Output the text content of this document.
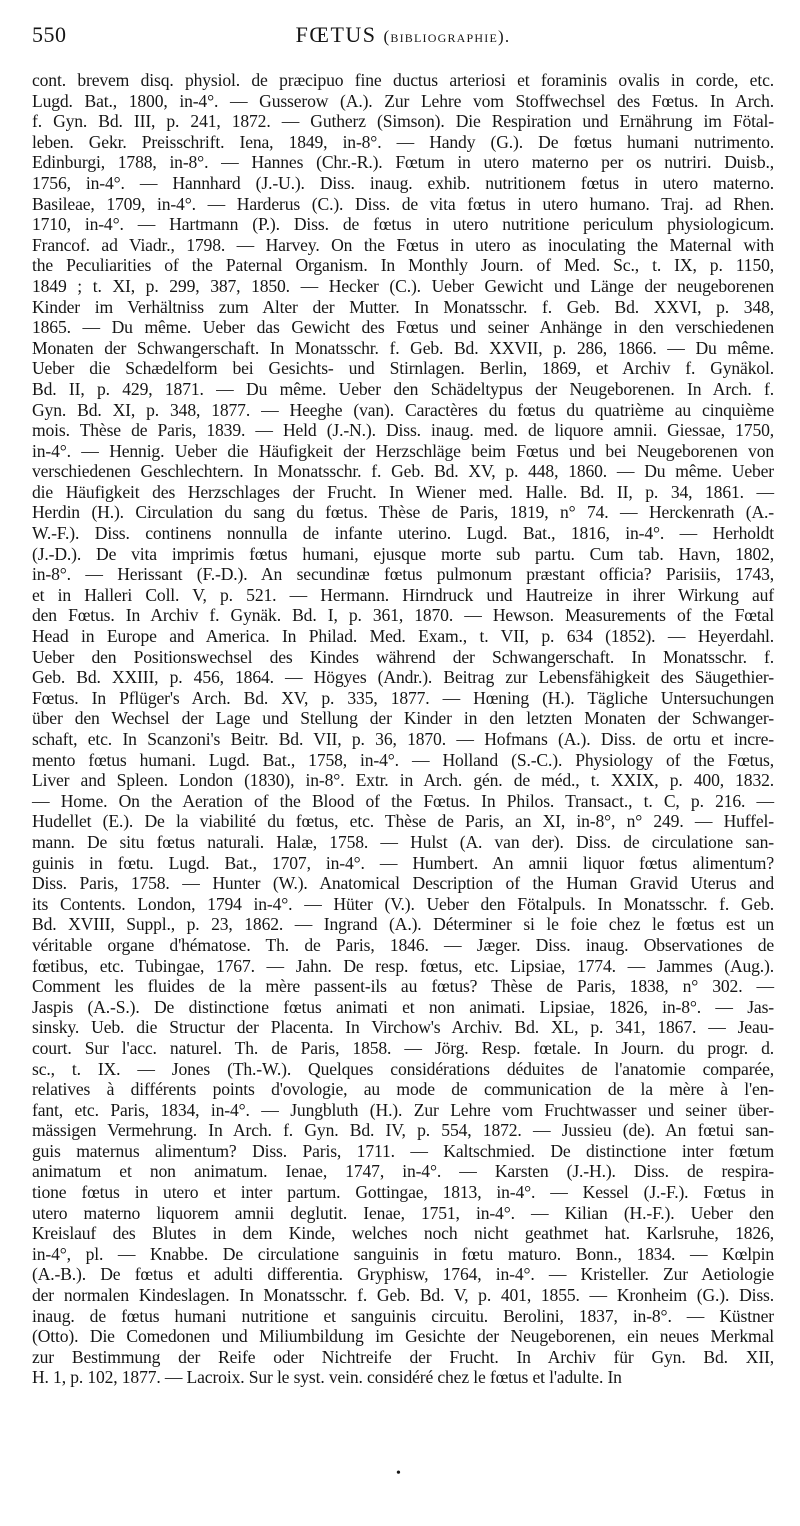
550	FŒTUS (bibliographie).
cont. brevem disq. physiol. de præcipuo fine ductus arteriosi et foraminis ovalis in corde, etc.
Lugd. Bat., 1800, in-4°. — Gusserow (A.). Zur Lehre vom Stoffwechsel des Fœtus. In Arch.
f. Gyn. Bd. III, p. 241, 1872. — Gutherz (Simson). Die Respiration und Ernährung im Fötal-
leben. Gekr. Preisschrift. Iena, 1849, in-8°. — Handy (G.). De fœtus humani nutrimento.
Edinburgi, 1788, in-8°. — Hannes (Chr.-R.). Fœtum in utero materno per os nutriri. Duisb.,
1756, in-4°. — Hannhard (J.-U.). Diss. inaug. exhib. nutritionem fœtus in utero materno.
Basileae, 1709, in-4°. — Harderus (C.). Diss. de vita fœtus in utero humano. Traj. ad Rhen.
1710, in-4°. — Hartmann (P.). Diss. de fœtus in utero nutritione periculum physiologicum.
Francof. ad Viadr., 1798. — Harvey. On the Fœtus in utero as inoculating the Maternal with
the Peculiarities of the Paternal Organism. In Monthly Journ. of Med. Sc., t. IX, p. 1150,
1849 ; t. XI, p. 299, 387, 1850. — Hecker (C.). Ueber Gewicht und Länge der neugeborenen
Kinder im Verhältniss zum Alter der Mutter. In Monatsschr. f. Geb. Bd. XXVI, p. 348,
1865. — Du même. Ueber das Gewicht des Fœtus und seiner Anhänge in den verschiedenen
Monaten der Schwangerschaft. In Monatsschr. f. Geb. Bd. XXVII, p. 286, 1866. — Du même.
Ueber die Schædelform bei Gesichts- und Stirnlagen. Berlin, 1869, et Archiv f. Gynäkol.
Bd. II, p. 429, 1871. — Du même. Ueber den Schädeltypus der Neugeborenen. In Arch. f.
Gyn. Bd. XI, p. 348, 1877. — Heeghe (van). Caractères du fœtus du quatrième au cinquième
mois. Thèse de Paris, 1839. — Held (J.-N.). Diss. inaug. med. de liquore amnii. Giessae, 1750,
in-4°. — Hennig. Ueber die Häufigkeit der Herzschläge beim Fœtus und bei Neugeborenen von
verschiedenen Geschlechtern. In Monatsschr. f. Geb. Bd. XV, p. 448, 1860. — Du même. Ueber
die Häufigkeit des Herzschlages der Frucht. In Wiener med. Halle. Bd. II, p. 34, 1861. —
Herdin (H.). Circulation du sang du fœtus. Thèse de Paris, 1819, n° 74. — Herckenrath (A.-
W.-F.). Diss. continens nonnulla de infante uterino. Lugd. Bat., 1816, in-4°. — Herholdt
(J.-D.). De vita imprimis fœtus humani, ejusque morte sub partu. Cum tab. Havn, 1802,
in-8°. — Herissant (F.-D.). An secundinæ fœtus pulmonum præstant officia? Parisiis, 1743,
et in Halleri Coll. V, p. 521. — Hermann. Hirndruck und Hautreize in ihrer Wirkung auf
den Fœtus. In Archiv f. Gynäk. Bd. I, p. 361, 1870. — Hewson. Measurements of the Fœtal
Head in Europe and America. In Philad. Med. Exam., t. VII, p. 634 (1852). — Heyerdahl.
Ueber den Positionswechsel des Kindes während der Schwangerschaft. In Monatsschr. f.
Geb. Bd. XXIII, p. 456, 1864. — Högyes (Andr.). Beitrag zur Lebensfähigkeit des Säugethier-
Fœtus. In Pflüger's Arch. Bd. XV, p. 335, 1877. — Hœning (H.). Tägliche Untersuchungen
über den Wechsel der Lage und Stellung der Kinder in den letzten Monaten der Schwanger-
schaft, etc. In Scanzoni's Beitr. Bd. VII, p. 36, 1870. — Hofmans (A.). Diss. de ortu et incre-
mento fœtus humani. Lugd. Bat., 1758, in-4°. — Holland (S.-C.). Physiology of the Fœtus,
Liver and Spleen. London (1830), in-8°. Extr. in Arch. gén. de méd., t. XXIX, p. 400, 1832.
— Home. On the Aeration of the Blood of the Fœtus. In Philos. Transact., t. C, p. 216. —
Hudellet (E.). De la viabilité du fœtus, etc. Thèse de Paris, an XI, in-8°, n° 249. — Huffel-
mann. De situ fœtus naturali. Halæ, 1758. — Hulst (A. van der). Diss. de circulatione san-
guinis in fœtu. Lugd. Bat., 1707, in-4°. — Humbert. An amnii liquor fœtus alimentum?
Diss. Paris, 1758. — Hunter (W.). Anatomical Description of the Human Gravid Uterus and
its Contents. London, 1794 in-4°. — Hüter (V.). Ueber den Fötalpuls. In Monatsschr. f. Geb.
Bd. XVIII, Suppl., p. 23, 1862. — Ingrand (A.). Déterminer si le foie chez le fœtus est un
véritable organe d'hématose. Th. de Paris, 1846. — Jæger. Diss. inaug. Observationes de
fœtibus, etc. Tubingae, 1767. — Jahn. De resp. fœtus, etc. Lipsiae, 1774. — Jammes (Aug.).
Comment les fluides de la mère passent-ils au fœtus? Thèse de Paris, 1838, n° 302. —
Jaspis (A.-S.). De distinctione fœtus animati et non animati. Lipsiae, 1826, in-8°. — Jas-
sinsky. Ueb. die Structur der Placenta. In Virchow's Archiv. Bd. XL, p. 341, 1867. — Jeau-
court. Sur l'acc. naturel. Th. de Paris, 1858. — Jörg. Resp. fœtale. In Journ. du progr. d.
sc., t. IX. — Jones (Th.-W.). Quelques considérations déduites de l'anatomie comparée,
relatives à différents points d'ovologie, au mode de communication de la mère à l'en-
fant, etc. Paris, 1834, in-4°. — Jungbluth (H.). Zur Lehre vom Fruchtwasser und seiner über-
mässigen Vermehrung. In Arch. f. Gyn. Bd. IV, p. 554, 1872. — Jussieu (de). An fœtui san-
guis maternus alimentum? Diss. Paris, 1711. — Kaltschmied. De distinctione inter fœtum
animatum et non animatum. Ienae, 1747, in-4°. — Karsten (J.-H.). Diss. de respira-
tione fœtus in utero et inter partum. Gottingae, 1813, in-4°. — Kessel (J.-F.). Fœtus in
utero materno liquorem amnii deglutit. Ienae, 1751, in-4°. — Kilian (H.-F.). Ueber den
Kreislauf des Blutes in dem Kinde, welches noch nicht geathmet hat. Karlsruhe, 1826,
in-4°, pl. — Knabbe. De circulatione sanguinis in fœtu maturo. Bonn., 1834. — Kœlpin
(A.-B.). De fœtus et adulti differentia. Gryphisw, 1764, in-4°. — Kristeller. Zur Aetiologie
der normalen Kindeslagen. In Monatsschr. f. Geb. Bd. V, p. 401, 1855. — Kronheim (G.). Diss.
inaug. de fœtus humani nutritione et sanguinis circuitu. Berolini, 1837, in-8°. — Küstner
(Otto). Die Comedonen und Miliumbildung im Gesichte der Neugeborenen, ein neues Merkmal
zur Bestimmung der Reife oder Nichtreife der Frucht. In Archiv für Gyn. Bd. XII,
H. 1, p. 102, 1877. — Lacroix. Sur le syst. vein. considéré chez le fœtus et l'adulte. In
•
